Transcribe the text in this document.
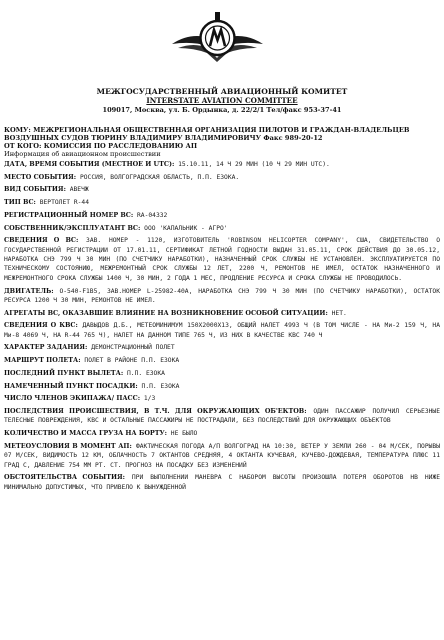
МЕЖГОСУДАРСТВЕННЫЙ АВИАЦИОННЫЙ КОМИТЕТ
INTERSTATE AVIATION COMMITTEE
109017, Москва, ул. Б. Ордынка, д. 22/2/1 Тел/факс 953-37-41
КОМУ: МЕЖРЕГИОНАЛЬНАЯ ОБЩЕСТВЕННАЯ ОРГАНИЗАЦИЯ ПИЛОТОВ И ГРАЖДАН-ВЛАДЕЛЬЦЕВ
ВОЗДУШНЫХ СУДОВ ТЮРИНУ ВЛАДИМИРУ ВЛАДИМИРОВИЧУ Факс 989-20-12
ОТ КОГО: КОМИССИЯ ПО РАССЛЕДОВАНИЮ АП
Информация об авиационном происшествии

ДАТА, ВРЕМЯ СОБЫТИЯ (МЕСТНОЕ И UTC): 15.10.11, 14 Ч 29 МИН (10 Ч 29 МИН UTC).

МЕСТО СОБЫТИЯ: РОССИЯ, ВОЛГОГРАДСКАЯ ОБЛАСТЬ, П.П. ЕЗОКА.

ВИД СОБЫТИЯ: АВЕЧЖ

ТИП ВС: ВЕРТОЛЕТ R-44

РЕГИСТРАЦИОННЫЙ НОМЕР ВС: RA-04332

СОБСТВЕННИК/ЭКСПЛУАТАНТ ВС: ООО 'КАПАЛЬНИК - АГРО'

СВЕДЕНИЯ О ВС: ЗАВ. НОМЕР - 1120, ИЗГОТОВИТЕЛЬ 'ROBINSON HELICOPTER COMPANY', США, СВИДЕТЕЛЬСТВО О ГОСУДАРСТВЕННОЙ РЕГИСТРАЦИИ ОТ 17.01.11, СЕРТИФИКАТ ЛЕТНОЙ ГОДНОСТИ ВЫДАН 31.05.11, СРОК ДЕЙСТВИЯ ДО 30.05.12, НАРАБОТКА СНЭ 799 Ч 30 МИН (ПО СЧЕТЧИКУ НАРАБОТКИ), НАЗНАЧЕННЫЙ СРОК СЛУЖБЫ НЕ УСТАНОВЛЕН. ЭКСПЛУАТИРУЕТСЯ ПО ТЕХНИЧЕСКОМУ СОСТОЯНИЮ, МЕЖРЕМОНТНЫЙ СРОК СЛУЖБЫ 12 ЛЕТ, 2200 Ч, РЕМОНТОВ НЕ ИМЕЛ, ОСТАТОК НАЗНАЧЕННОГО И МЕЖРЕМОНТНОГО СРОКА СЛУЖБЫ 1400 Ч, 30 МИН, 2 ГОДА 1 МЕС, ПРОДЛЕНИЕ РЕСУРСА И СРОКА СЛУЖБЫ НЕ ПРОВОДИЛОСЬ.

ДВИГАТЕЛЬ: O-540-F1B5, ЗАВ.НОМЕР L-25982-40А, НАРАБОТКА СНЭ 799 Ч 30 МИН (ПО СЧЕТЧИКУ НАРАБОТКИ), ОСТАТОК РЕСУРСА 1200 Ч 30 МИН, РЕМОНТОВ НЕ ИМЕЛ.

АГРЕГАТЫ ВС, ОКАЗАВШИЕ ВЛИЯНИЕ НА ВОЗНИКНОВЕНИЕ ОСОБОЙ СИТУАЦИИ: НЕТ.

СВЕДЕНИЯ О КВС: ДАВЫДОВ Д.Б., МЕТЕОМИНИМУМ 150Х2000Х13, ОБЩИЙ НАЛЕТ 4993 Ч (В ТОМ ЧИСЛЕ - НА Ми-2 159 Ч, НА Ми-8 4069 Ч, НА R-44 765 Ч), НАЛЕТ НА ДАННОМ ТИПЕ 765 Ч, ИЗ НИХ В КАЧЕСТВЕ КВС 740 Ч

ХАРАКТЕР ЗАДАНИЯ: ДЕМОНСТРАЦИОННЫЙ ПОЛЕТ

МАРШРУТ ПОЛЕТА: ПОЛЕТ В РАЙОНЕ П.П. ЕЗОКА

ПОСЛЕДНИЙ ПУНКТ ВЫЛЕТА: П.П. ЕЗОКА

НАМЕЧЕННЫЙ ПУНКТ ПОСАДКИ: П.П. ЕЗОКА

ЧИСЛО ЧЛЕНОВ ЭКИПАЖА/ ПАСС: 1/3

ПОСЛЕДСТВИЯ ПРОИСШЕСТВИЯ, В Т.Ч. ДЛЯ ОКРУЖАЮЩИХ ОБ'ЕКТОВ: ОДИН ПАССАЖИР ПОЛУЧИЛ СЕРЬЕЗНЫЕ ТЕЛЕСНЫЕ ПОВРЕЖДЕНИЯ, КВС И ОСТАЛЬНЫЕ ПАССАЖИРЫ НЕ ПОСТРАДАЛИ, БЕЗ ПОСЛЕДСТВИЙ ДЛЯ ОКРУЖАЮЩИХ ОБЪЕКТОВ

КОЛИЧЕСТВО И МАССА ГРУЗА НА БОРТУ: НЕ БЫЛО

МЕТЕОУСЛОВИЯ В МОМЕНТ АП: ФАКТИЧЕСКАЯ ПОГОДА А/П ВОЛГОГРАД НА 10:30, ВЕТЕР У ЗЕМЛИ 260 - 04 М/СЕК, ПОРЫВЫ 07 М/СЕК, ВИДИМОСТЬ 12 КМ, ОБЛАЧНОСТЬ 7 ОКТАНТОВ СРЕДНЯЯ, 4 ОКТАНТА КУЧЕВАЯ, КУЧЕВО-ДОЖДЕВАЯ, ТЕМПЕРАТУРА ПЛЮС 11 ГРАД С, ДАВЛЕНИЕ 754 ММ РТ. СТ. ПРОГНОЗ НА ПОСАДКУ БЕЗ ИЗМЕНЕНИЙ

ОБСТОЯТЕЛЬСТВА СОБЫТИЯ: ПРИ ВЫПОЛНЕНИИ МАНЕВРА С НАБОРОМ ВЫСОТЫ ПРОИЗОШЛА ПОТЕРЯ ОБОРОТОВ НВ НИЖЕ МИНИМАЛЬНО ДОПУСТИМЫХ, ЧТО ПРИВЕЛО К ВЫНУЖДЕННОЙ
